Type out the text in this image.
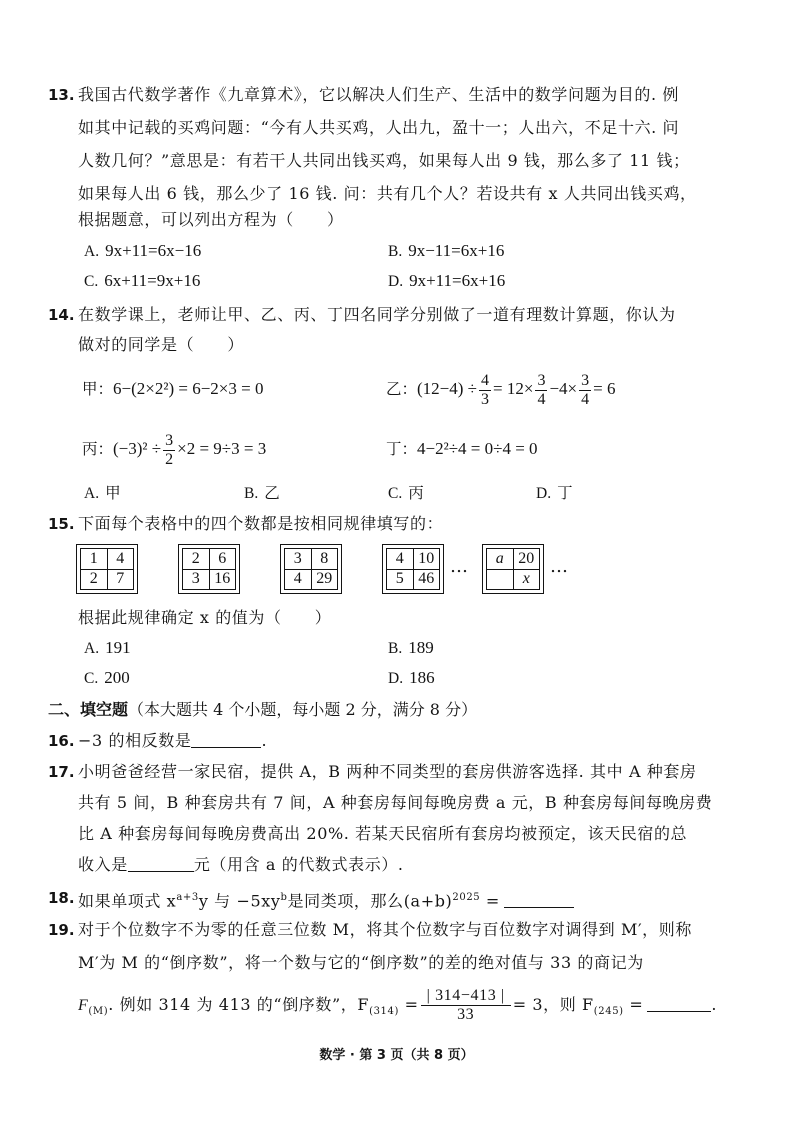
13. 我国古代数学著作《九章算术》，它以解决人们生产、生活中的数学问题为目的. 例
如其中记载的买鸡问题：“今有人共买鸡，人出九，盈十一；人出六，不足十六. 问
人数几何？”意思是：有若干人共同出钱买鸡，如果每人出 9 钱，那么多了 11 钱；
如果每人出 6 钱，那么少了 16 钱. 问：共有几个人？若设共有 x 人共同出钱买鸡，
根据题意，可以列出方程为（　　）
A. 9x+11=6x−16	B. 9x−11=6x+16
C. 6x+11=9x+16	D. 9x+11=6x+16
14. 在数学课上，老师让甲、乙、丙、丁四名同学分别做了一道有理数计算题，你认为
做对的同学是（　　）
甲：6−(2×2²) = 6−2×3 = 0	乙：$(12-4) \div \frac{4}{3} = 12\times \frac{3}{4} -4\times \frac{3}{4} = 6$
丙：$(-3)^2 \div \frac{3}{2} \times 2 = 9\div 3 = 3$	丁：4−2²÷4 = 0÷4 = 0
A. 甲	B. 乙	C. 丙	D. 丁
15. 下面每个表格中的四个数都是按相同规律填写的：
1	4
2	7
2	6
3	16
3	8
4	29
4	10
5	46
… a	20
	x
…
根据此规律确定 x 的值为（　　）
A. 191	B. 189
C. 200	D. 186
二、填空题（本大题共 4 个小题，每小题 2 分，满分 8 分）
16. −3 的相反数是	.
17. 小明爸爸经营一家民宿，提供 A，B 两种不同类型的套房供游客选择. 其中 A 种套房
共有 5 间，B 种套房共有 7 间，A 种套房每间每晚房费 a 元，B 种套房每间每晚房费
比 A 种套房每间每晚房费高出 20%. 若某天民宿所有套房均被预定，该天民宿的总
收入是	元（用含 a 的代数式表示）.
18. 如果单项式 $x^{a+3}y$ 与 $-5xy^b$是同类项，那么$(a+b)^{2025}$ =
19. 对于个位数字不为零的任意三位数 M，将其个位数字与百位数字对调得到 M′，则称
M′为 M 的“倒序数”，将一个数与它的“倒序数”的差的绝对值与 33 的商记为
$F_{(M)}$. 例如 314 为 413 的“倒序数”，$F_{(314)} = \frac{| 314-413 |}{33} = 3$，则 $F_{(245)}$ =	.
数学 · 第 3 页（共 8 页）
